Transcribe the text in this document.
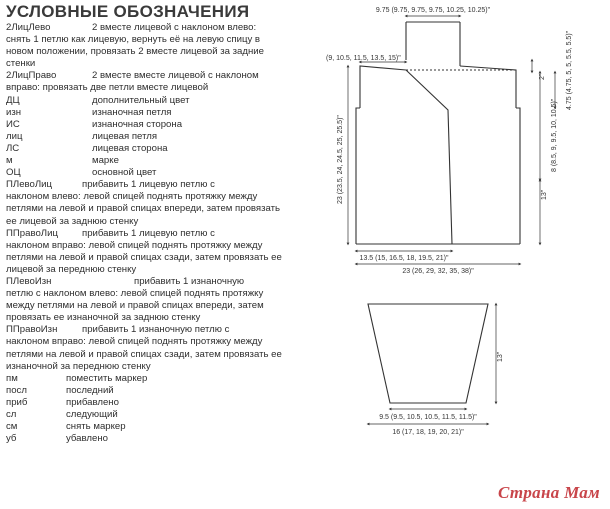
УСЛОВНЫЕ ОБОЗНАЧЕНИЯ
2ЛицЛево	2 вместе лицевой с наклоном влево:
снять 1 петлю как лицевую, вернуть её на левую спицу в новом положении, провязать 2 вместе лицевой за задние стенки
2ЛицПраво	2 вместе вместе лицевой с наклоном
вправо: провязать две петли вместе лицевой
ДЦ	дополнительный цвет
изн	изнаночная петля
ИС	изнаночная сторона
лиц	лицевая петля
ЛС	лицевая сторона
м	марке
ОЦ	основной цвет
ПЛевоЛиц	прибавить 1 лицевую петлю с
наклоном влево: левой спицей поднять протяжку между петлями на левой и правой спицах впереди, затем провязать ее лицевой за заднюю стенку
ППравоЛиц	прибавить 1 лицевую петлю с
наклоном вправо: левой спицей поднять протяжку между петлями на левой и правой спицах сзади, затем провязать ее лицевой за переднюю стенку
ПЛевоИзн	прибавить 1 изнаночную
петлю с наклоном влево: левой спицей поднять протяжку между петлями на левой и правой спицах впереди, затем провязать ее изнаночной за заднюю стенку
ППравоИзн	прибавить 1 изнаночную петлю с
наклоном вправо: левой спицей поднять протяжку между петлями на левой и правой спицах сзади, затем провязать ее изнаночной за переднюю стенку
пм	поместить маркер
посл	последний
приб	прибавлено
сл	следующий
см	снять маркер
уб	убавлено
9.75 (9.75, 9.75, 9.75, 10.25, 10.25)"
(9, 10.5, 11.5, 13.5, 15)"
2"	4.75 (4.75, 5, 5, 5.5, 5.5)"
8 (8.5, 9, 9.5, 10, 10.5)"
13"
23 (23.5, 24, 24.5, 25, 25.5)"
13.5 (15, 16.5, 18, 19.5, 21)"
23 (26, 29, 32, 35, 38)"
13"
9.5 (9.5, 10.5, 10.5, 11.5, 11.5)"
16 (17, 18, 19, 20, 21)"
Страна Мам
